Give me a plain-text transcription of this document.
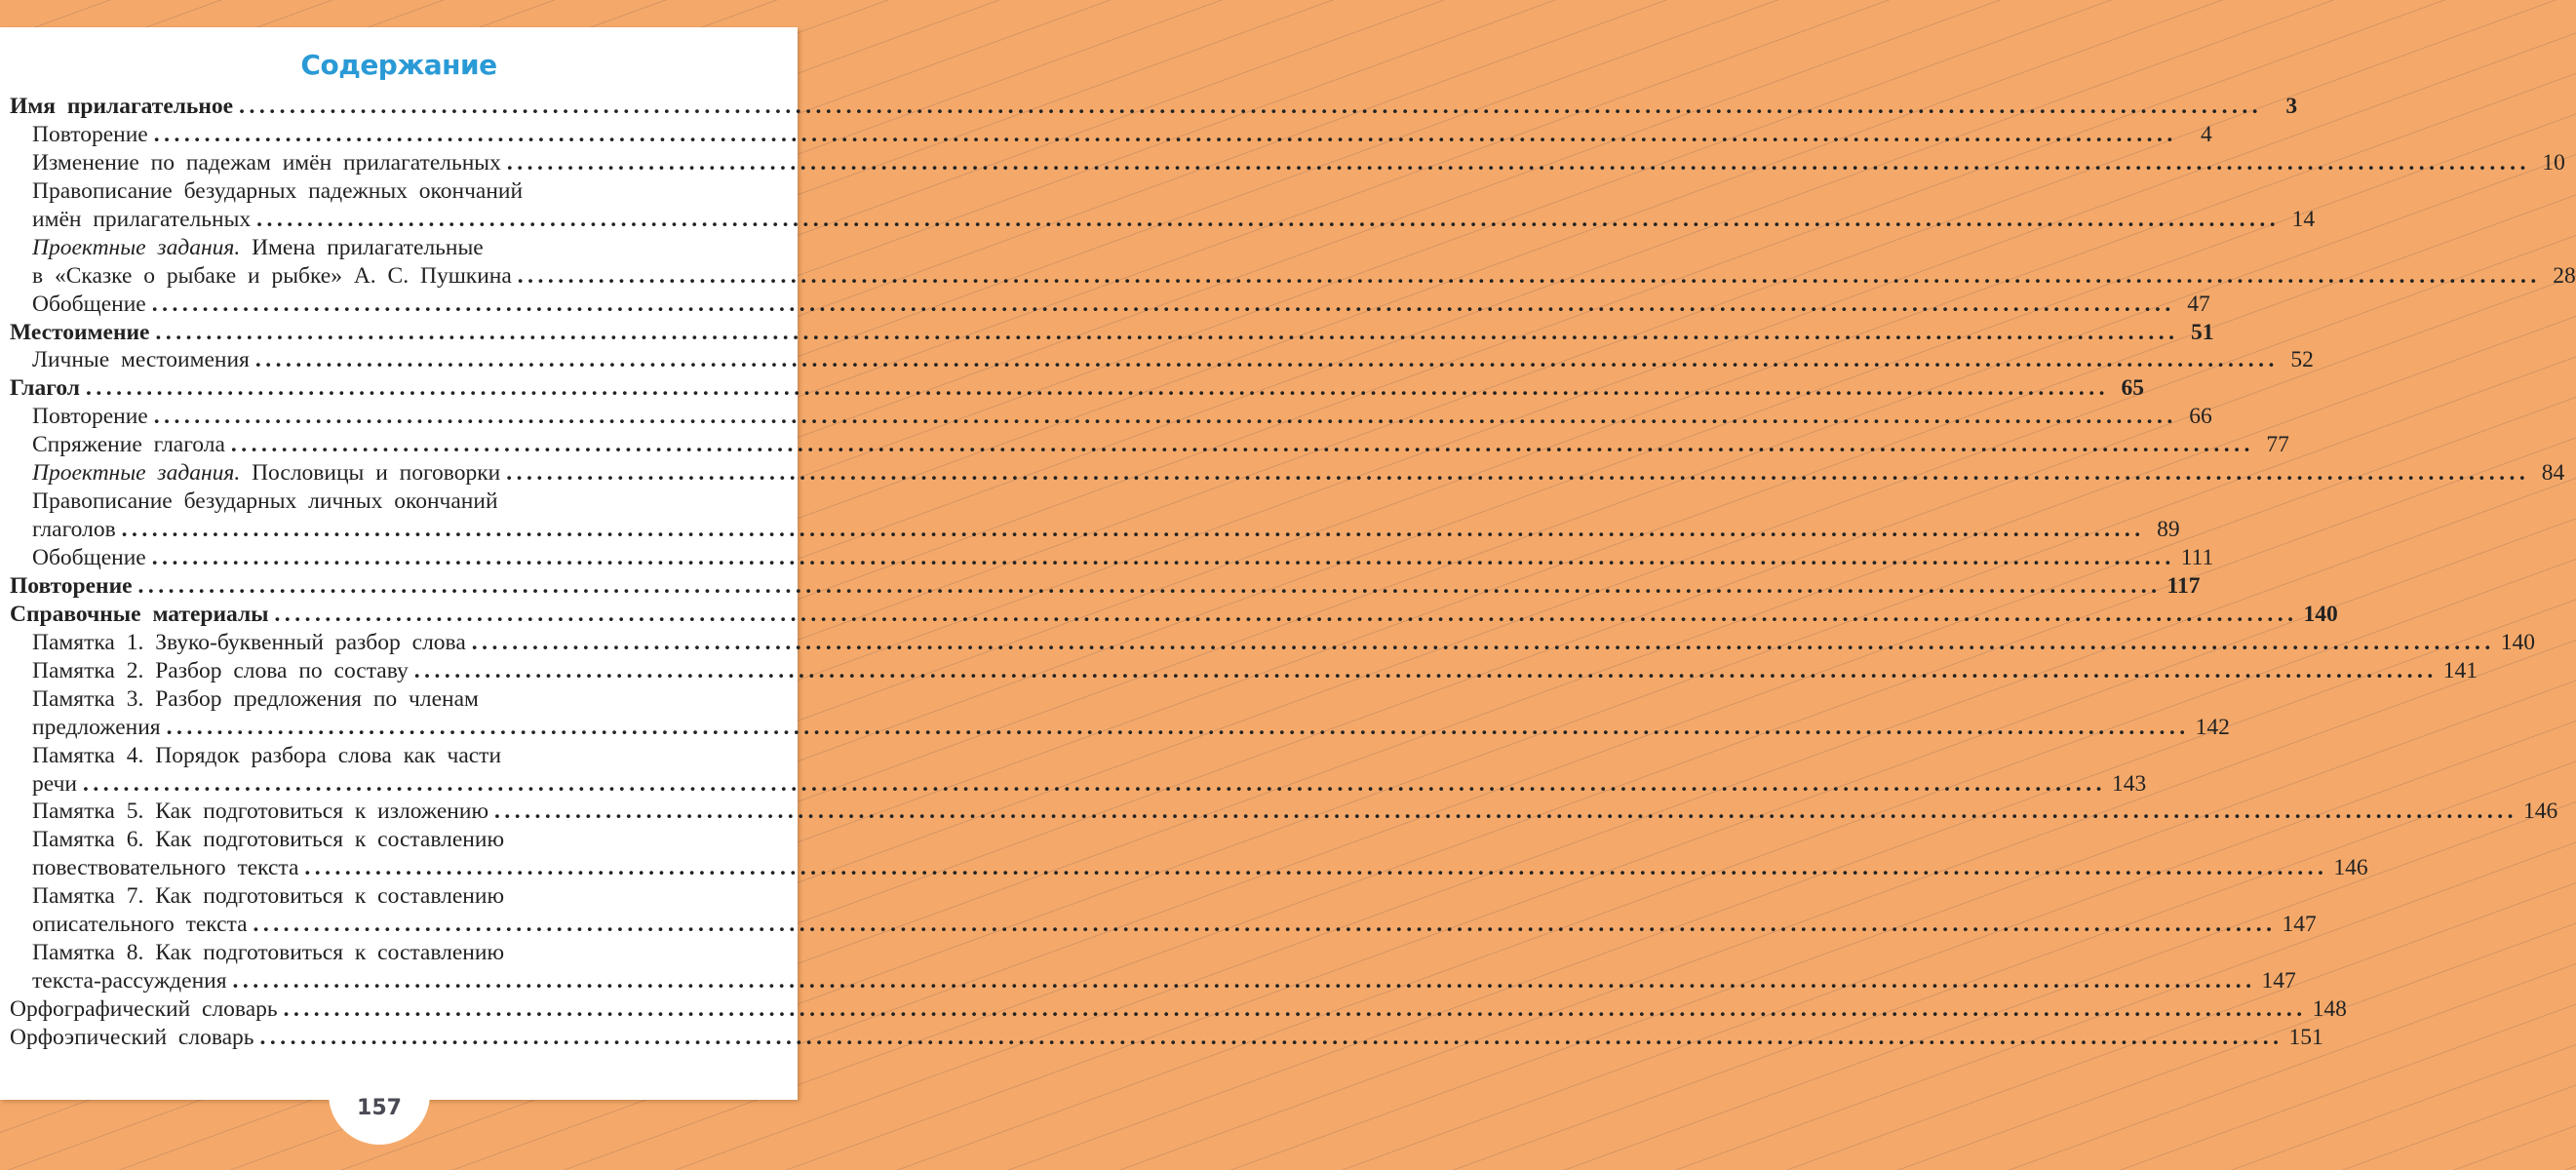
Содержание
Имя прилагательное ........................................................................................................................................................................................................	3
Повторение ........................................................................................................................................................................................................	4
Изменение по падежам имён прилагательных ........................................................................................................................................................................................................ 10
Правописание безударных падежных окончаний
имён прилагательных ........................................................................................................................................................................................................ 14
Проектные задания. Имена прилагательные
в «Сказке о рыбаке и рыбке» А. С. Пушкина ........................................................................................................................................................................................................ 28
Обобщение ........................................................................................................................................................................................................ 47
Местоимение ........................................................................................................................................................................................................ 51
Личные местоимения ........................................................................................................................................................................................................ 52
Глагол ........................................................................................................................................................................................................ 65
Повторение ........................................................................................................................................................................................................ 66
Спряжение глагола ........................................................................................................................................................................................................ 77
Проектные задания. Пословицы и поговорки ........................................................................................................................................................................................................ 84
Правописание безударных личных окончаний
глаголов ........................................................................................................................................................................................................ 89
Обобщение ........................................................................................................................................................................................................ 111
Повторение ........................................................................................................................................................................................................ 117
Справочные материалы ........................................................................................................................................................................................................ 140
Памятка 1. Звуко-буквенный разбор слова ........................................................................................................................................................................................................ 140
Памятка 2. Разбор слова по составу ........................................................................................................................................................................................................ 141
Памятка 3. Разбор предложения по членам
предложения ........................................................................................................................................................................................................ 142
Памятка 4. Порядок разбора слова как части
речи ........................................................................................................................................................................................................ 143
Памятка 5. Как подготовиться к изложению ........................................................................................................................................................................................................ 146
Памятка 6. Как подготовиться к составлению
повествовательного текста ........................................................................................................................................................................................................ 146
Памятка 7. Как подготовиться к составлению
описательного текста ........................................................................................................................................................................................................ 147
Памятка 8. Как подготовиться к составлению
текста-рассуждения ........................................................................................................................................................................................................ 147
Орфографический словарь ........................................................................................................................................................................................................ 148
Орфоэпический словарь ........................................................................................................................................................................................................ 151
157
